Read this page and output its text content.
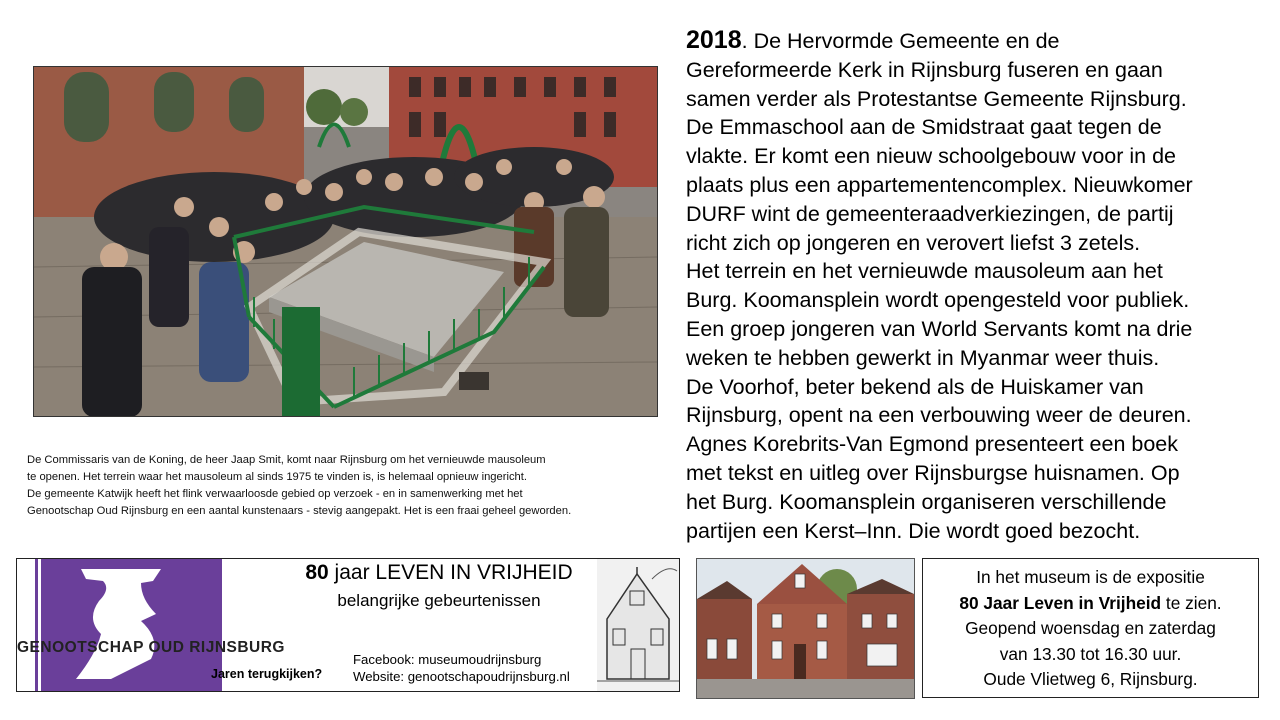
De Commissaris van de Koning, de heer Jaap Smit, komt naar Rijnsburg om het vernieuwde mausoleum

te openen. Het terrein waar het mausoleum al sinds 1975 te vinden is, is helemaal opnieuw ingericht.

De gemeente Katwijk heeft het flink verwaarloosde gebied op verzoek - en in samenwerking met het

Genootschap Oud Rijnsburg en een aantal kunstenaars - stevig aangepakt. Het is een fraai geheel geworden.

2018. De Hervormde Gemeente en de
Gereformeerde Kerk in Rijnsburg fuseren en gaan
samen verder als Protestantse Gemeente Rijnsburg.
De Emmaschool aan de Smidstraat gaat tegen de
vlakte. Er komt een nieuw schoolgebouw voor in de
plaats plus een appartementencomplex. Nieuwkomer
DURF wint de gemeenteraadverkiezingen, de partij
richt zich op jongeren en verovert liefst 3 zetels.
Het terrein en het vernieuwde mausoleum aan het
Burg. Koomansplein wordt opengesteld voor publiek.
Een groep jongeren van World Servants komt na drie
weken te hebben gewerkt in Myanmar weer thuis.
De Voorhof, beter bekend als de Huiskamer van
Rijnsburg, opent na een verbouwing weer de deuren.
Agnes Korebrits-Van Egmond presenteert een boek
met tekst en uitleg over Rijnsburgse huisnamen. Op
het Burg. Koomansplein organiseren verschillende
partijen een Kerst–Inn. Die wordt goed bezocht.
GENOOTSCHAP OUD RIJNSBURG
80 jaar LEVEN IN VRIJHEID
belangrijke gebeurtenissen
Jaren terugkijken?
Facebook: museumoudrijnsburg
Website: genootschapoudrijnsburg.nl
In het museum is de expositie
80 Jaar Leven in Vrijheid te zien.
Geopend woensdag en zaterdag
van 13.30 tot 16.30 uur.
Oude Vlietweg 6, Rijnsburg.
